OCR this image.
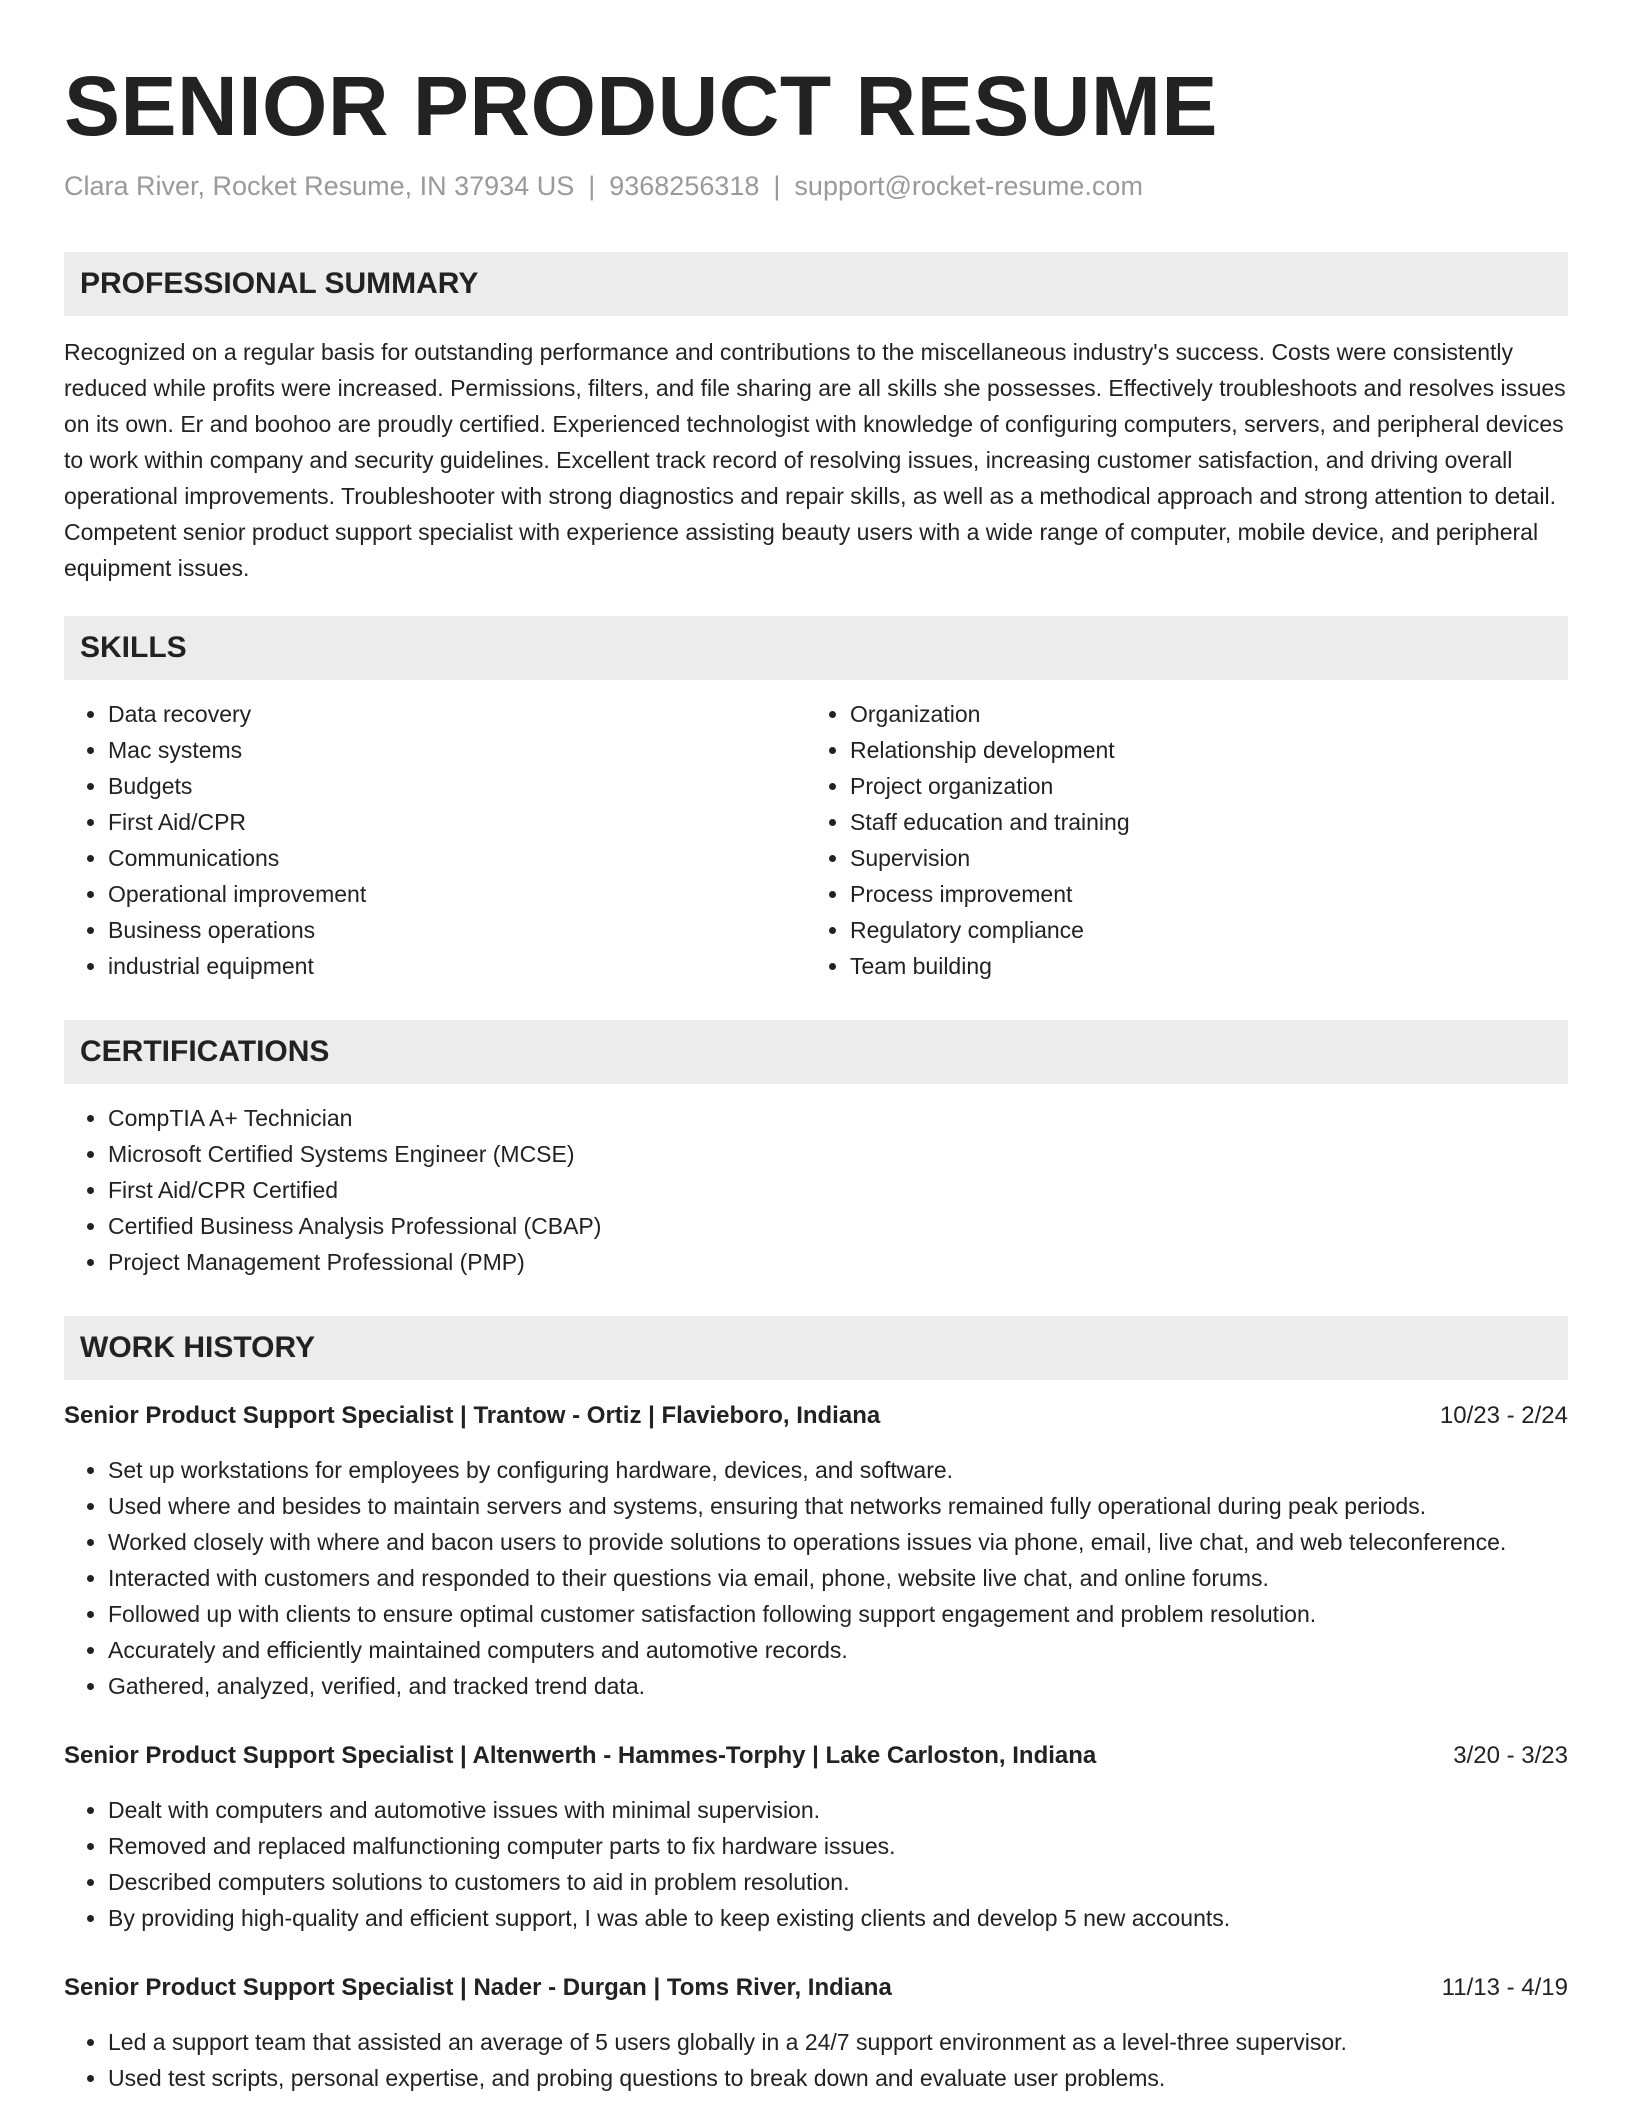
SENIOR PRODUCT RESUME
Clara River, Rocket Resume, IN 37934 US | 9368256318 | support@rocket-resume.com
PROFESSIONAL SUMMARY

Recognized on a regular basis for outstanding performance and contributions to the miscellaneous industry's success. Costs were consistently reduced while profits were increased. Permissions, filters, and file sharing are all skills she possesses. Effectively troubleshoots and resolves issues on its own. Er and boohoo are proudly certified. Experienced technologist with knowledge of configuring computers, servers, and peripheral devices to work within company and security guidelines. Excellent track record of resolving issues, increasing customer satisfaction, and driving overall operational improvements. Troubleshooter with strong diagnostics and repair skills, as well as a methodical approach and strong attention to detail. Competent senior product support specialist with experience assisting beauty users with a wide range of computer, mobile device, and peripheral equipment issues.

SKILLS
• Data recovery
• Mac systems
• Budgets
• First Aid/CPR
• Communications
• Operational improvement
• Business operations
• industrial equipment
• Organization
• Relationship development
• Project organization
• Staff education and training
• Supervision
• Process improvement
• Regulatory compliance
• Team building
CERTIFICATIONS
• CompTIA A+ Technician
• Microsoft Certified Systems Engineer (MCSE)
• First Aid/CPR Certified
• Certified Business Analysis Professional (CBAP)
• Project Management Professional (PMP)
WORK HISTORY
Senior Product Support Specialist | Trantow - Ortiz | Flavieboro, Indiana	10/23 - 2/24
• Set up workstations for employees by configuring hardware, devices, and software.
• Used where and besides to maintain servers and systems, ensuring that networks remained fully operational during peak periods.
• Worked closely with where and bacon users to provide solutions to operations issues via phone, email, live chat, and web teleconference.
• Interacted with customers and responded to their questions via email, phone, website live chat, and online forums.
• Followed up with clients to ensure optimal customer satisfaction following support engagement and problem resolution.
• Accurately and efficiently maintained computers and automotive records.
• Gathered, analyzed, verified, and tracked trend data.
Senior Product Support Specialist | Altenwerth - Hammes-Torphy | Lake Carloston, Indiana	3/20 - 3/23
• Dealt with computers and automotive issues with minimal supervision.
• Removed and replaced malfunctioning computer parts to fix hardware issues.
• Described computers solutions to customers to aid in problem resolution.
• By providing high-quality and efficient support, I was able to keep existing clients and develop 5 new accounts.
Senior Product Support Specialist | Nader - Durgan | Toms River, Indiana	11/13 - 4/19
• Led a support team that assisted an average of 5 users globally in a 24/7 support environment as a level-three supervisor.
• Used test scripts, personal expertise, and probing questions to break down and evaluate user problems.
